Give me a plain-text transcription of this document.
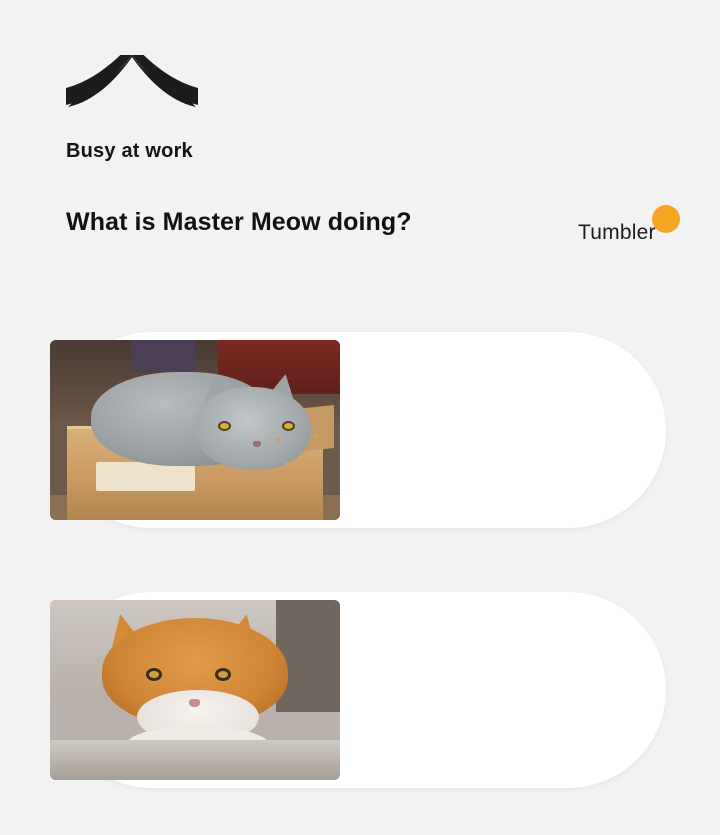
Busy at work
What is Master Meow doing?	Tumbler
